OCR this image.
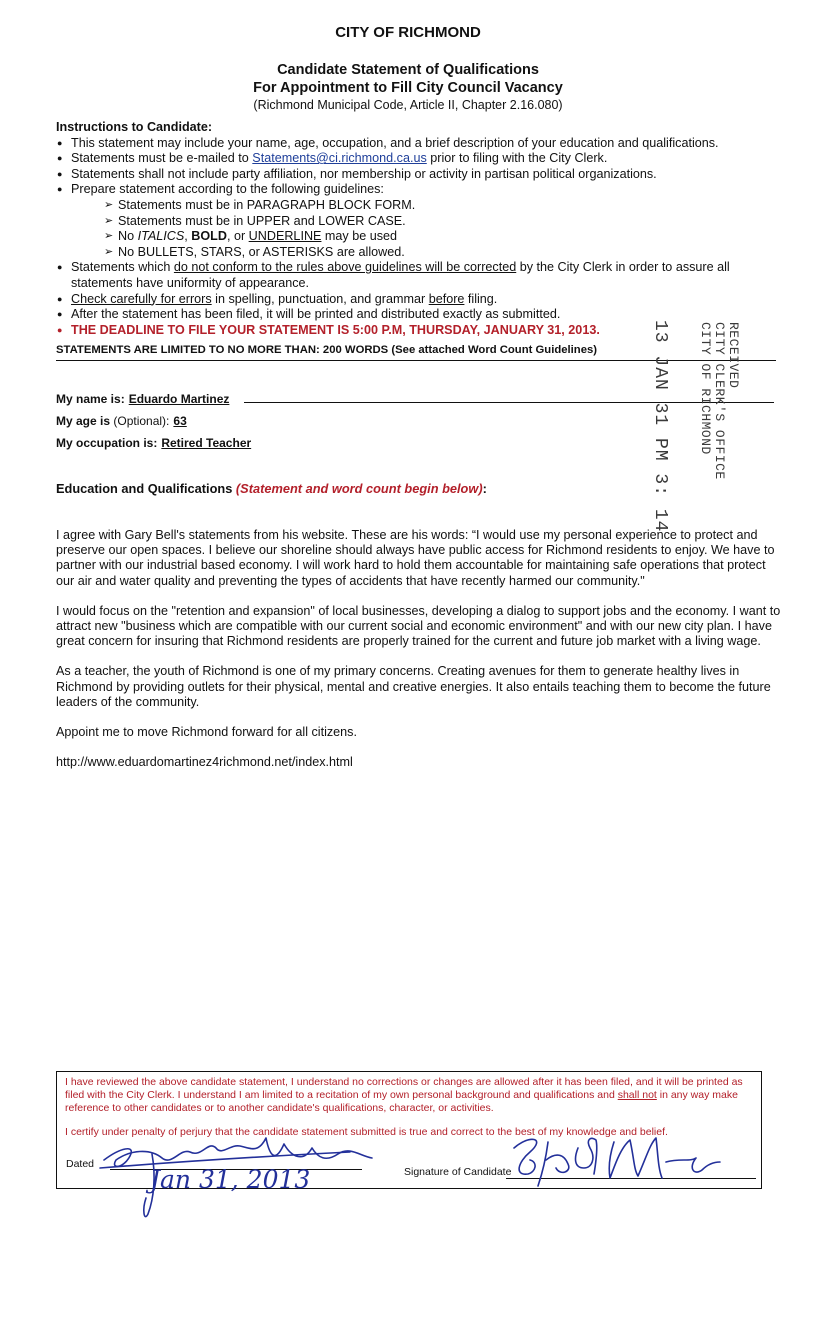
CITY OF RICHMOND
Candidate Statement of Qualifications
For Appointment to Fill City Council Vacancy
(Richmond Municipal Code, Article II, Chapter 2.16.080)
Instructions to Candidate:
● This statement may include your name, age, occupation, and a brief description of your education and qualifications.
● Statements must be e-mailed to Statements@ci.richmond.ca.us prior to filing with the City Clerk.
● Statements shall not include party affiliation, nor membership or activity in partisan political organizations.
● Prepare statement according to the following guidelines:
➢ Statements must be in PARAGRAPH BLOCK FORM.
➢ Statements must be in UPPER and LOWER CASE.
➢ No ITALICS, BOLD, or UNDERLINE may be used
➢ No BULLETS, STARS, or ASTERISKS are allowed.
● Statements which do not conform to the rules above guidelines will be corrected by the City Clerk in order to assure all statements have uniformity of appearance.
● Check carefully for errors in spelling, punctuation, and grammar before filing.
● After the statement has been filed, it will be printed and distributed exactly as submitted.
● THE DEADLINE TO FILE YOUR STATEMENT IS 5:00 P.M, THURSDAY, JANUARY 31, 2013.
STATEMENTS ARE LIMITED TO NO MORE THAN: 200 WORDS (See attached Word Count Guidelines)
My name is: Eduardo Martinez
My age is (Optional): 63
My occupation is: Retired Teacher	13 JAN 31 PM 3: 14	RECEIVED
CITY CLERK'S OFFICE
CITY OF RICHMOND
Education and Qualifications (Statement and word count begin below):

I agree with Gary Bell's statements from his website. These are his words: “I would use my personal experience to protect and preserve our open spaces. I believe our shoreline should always have public access for Richmond residents to enjoy. We have to partner with our industrial based economy. I will work hard to hold them accountable for maintaining safe operations that protect our air and water quality and preventing the types of accidents that have recently harmed our community."

I would focus on the "retention and expansion" of local businesses, developing a dialog to support jobs and the economy. I want to attract new "business which are compatible with our current social and economic environment" and with our new city plan. I have great concern for insuring that Richmond residents are properly trained for the current and future job market with a living wage.

As a teacher, the youth of Richmond is one of my primary concerns. Creating avenues for them to generate healthy lives in Richmond by providing outlets for their physical, mental and creative energies. It also entails teaching them to become the future leaders of the community.

Appoint me to move Richmond forward for all citizens.

http://www.eduardomartinez4richmond.net/index.html

I have reviewed the above candidate statement, I understand no corrections or changes are allowed after it has been filed, and it will be printed as filed with the City Clerk. I understand I am limited to a recitation of my own personal background and qualifications and shall not in any way make reference to other candidates or to another candidate's qualifications, character, or activities.

I certify under penalty of perjury that the candidate statement submitted is true and correct to the best of my knowledge and belief.

Dated
Signature of Candidate
Jan 31, 2013
